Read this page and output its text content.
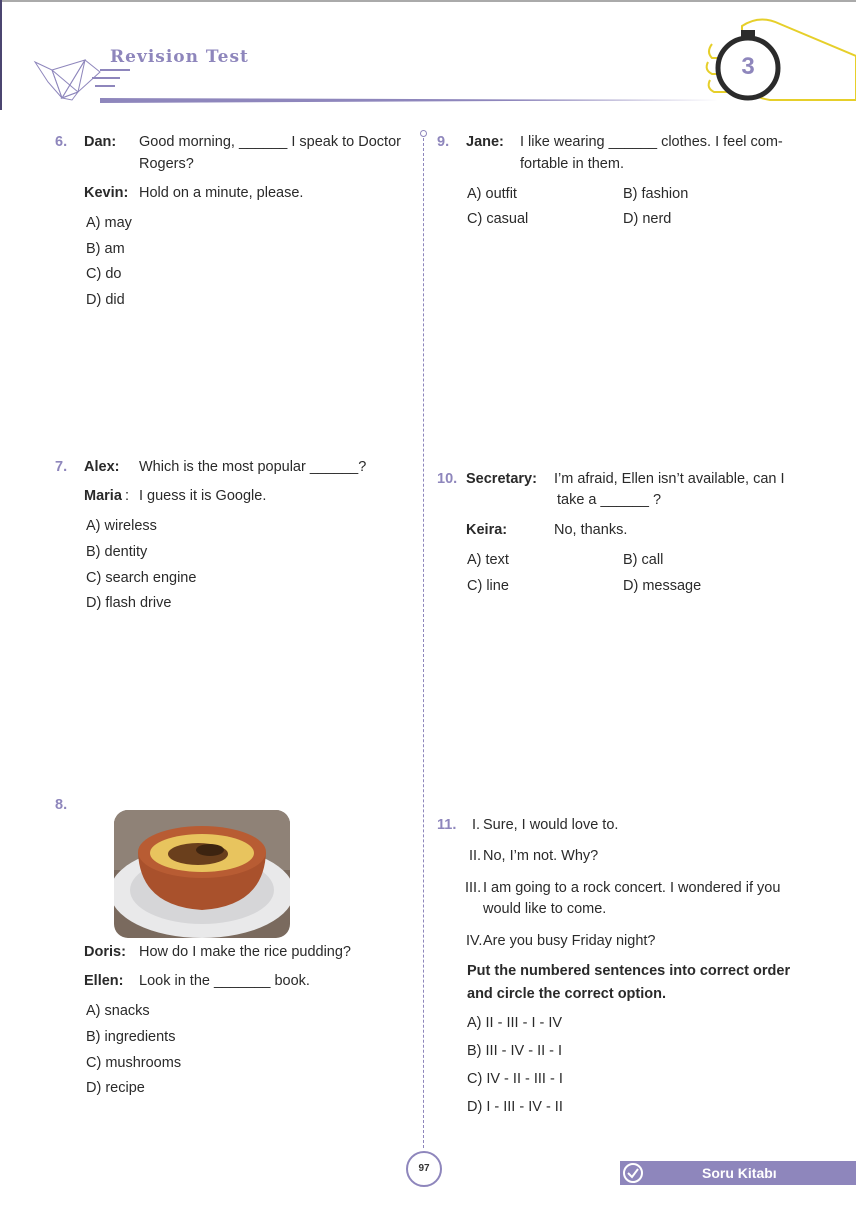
Revision Test	3
6. Dan: Good morning, ______ I speak to Doctor
Rogers?
Kevin: Hold on a minute, please.
A) may
B) am
C) do
D) did
7. Alex: Which is the most popular ______?
Maria : I guess it is Google.
A) wireless
B) dentity
C) search engine
D) flash drive
8.
Doris: How do I make the rice pudding?
Ellen: Look in the _______ book.
A) snacks
B) ingredients
C) mushrooms
D) recipe
9. Jane: I like wearing ______ clothes. I feel com-
fortable in them.
A) outfit	B) fashion
C) casual	D) nerd
10. Secretary: I’m afraid, Ellen isn’t available, can I
take a ______ ?
Keira:	No, thanks.
A) text	B) call
C) line	D) message
11. I. Sure, I would love to.
II. No, I’m not. Why?
III. I am going to a rock concert. I wondered if you
would like to come.
IV. Are you busy Friday night?
Put the numbered sentences into correct order
and circle the correct option.
A) II - III - I - IV
B) III - IV - II - I
C) IV - II - III - I
D) I - III - IV - II
97	Soru Kitabı
